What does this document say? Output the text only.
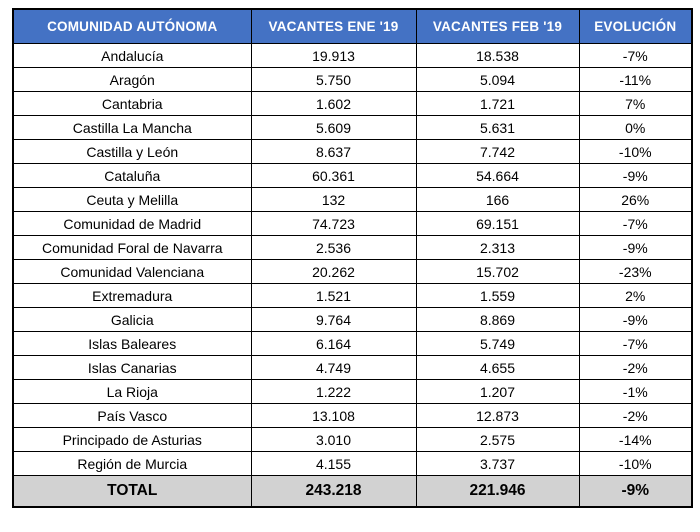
COMUNIDAD AUTÓNOMA	VACANTES ENE '19	VACANTES FEB '19	EVOLUCIÓN
Andalucía	19.913	18.538	-7%
Aragón	5.750	5.094	-11%
Cantabria	1.602	1.721	7%
Castilla La Mancha	5.609	5.631	0%
Castilla y León	8.637	7.742	-10%
Cataluña	60.361	54.664	-9%
Ceuta y Melilla	132	166	26%
Comunidad de Madrid	74.723	69.151	-7%
Comunidad Foral de Navarra	2.536	2.313	-9%
Comunidad Valenciana	20.262	15.702	-23%
Extremadura	1.521	1.559	2%
Galicia	9.764	8.869	-9%
Islas Baleares	6.164	5.749	-7%
Islas Canarias	4.749	4.655	-2%
La Rioja	1.222	1.207	-1%
País Vasco	13.108	12.873	-2%
Principado de Asturias	3.010	2.575	-14%
Región de Murcia	4.155	3.737	-10%
TOTAL	243.218	221.946	-9%
